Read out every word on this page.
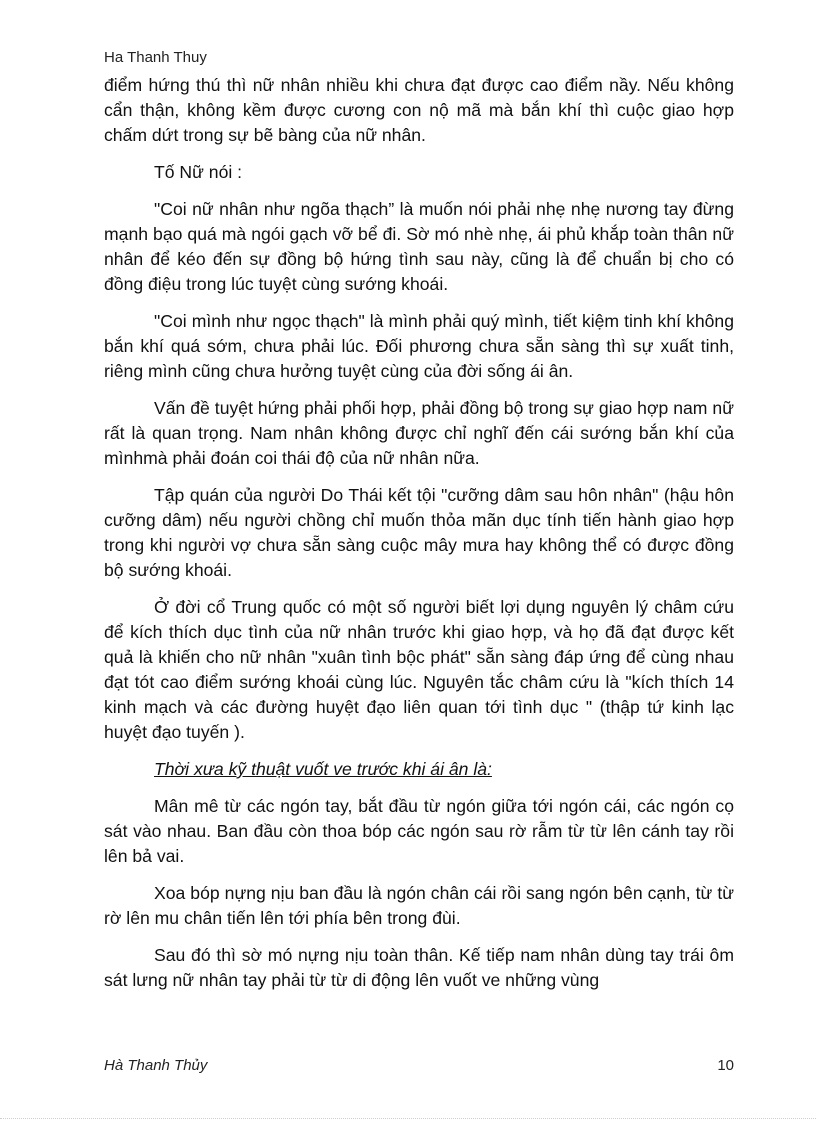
Ha Thanh Thuy

điểm hứng thú thì nữ nhân nhiều khi chưa đạt được cao điểm nầy. Nếu không cẩn thận, không kềm được cương con nộ mã mà bắn khí thì cuộc giao hợp chấm dứt trong sự bẽ bàng của nữ nhân.

Tố Nữ nói :

"Coi nữ nhân như ngõa thạch” là muốn nói phải nhẹ nhẹ nương tay đừng mạnh bạo quá mà ngói gạch vỡ bể đi. Sờ mó nhè nhẹ, ái phủ khắp toàn thân nữ nhân để kéo đến sự đồng bộ hứng tình sau này, cũng là để chuẩn bị cho có đồng điệu trong lúc tuyệt cùng sướng khoái.

"Coi mình như ngọc thạch" là mình phải quý mình, tiết kiệm tinh khí không bắn khí quá sớm, chưa phải lúc. Đối phương chưa sẵn sàng thì sự xuất tinh, riêng mình cũng chưa hưởng tuyệt cùng của đời sống ái ân.

Vấn đề tuyệt hứng phải phối hợp, phải đồng bộ trong sự giao hợp nam nữ rất là quan trọng. Nam nhân không được chỉ nghĩ đến cái sướng bắn khí của mìnhmà phải đoán coi thái độ của nữ nhân nữa.

Tập quán của người Do Thái kết tội "cưỡng dâm sau hôn nhân" (hậu hôn cưỡng dâm) nếu người chồng chỉ muốn thỏa mãn dục tính tiến hành giao hợp trong khi người vợ chưa sẵn sàng cuộc mây mưa hay không thể có được đồng bộ sướng khoái.

Ở đời cổ Trung quốc có một số người biết lợi dụng nguyên lý châm cứu để kích thích dục tình của nữ nhân trước khi giao hợp, và họ đã đạt được kết quả là khiến cho nữ nhân "xuân tình bộc phát" sẵn sàng đáp ứng để cùng nhau đạt tót cao điểm sướng khoái cùng lúc. Nguyên tắc châm cứu là "kích thích 14 kinh mạch và các đường huyệt đạo liên quan tới tình dục " (thập tứ kinh lạc huyệt đạo tuyến ).

Thời xưa kỹ thuật vuốt ve trước khi ái ân là:

Mân mê từ các ngón tay, bắt đầu từ ngón giữa tới ngón cái, các ngón cọ sát vào nhau. Ban đầu còn thoa bóp các ngón sau rờ rẫm từ từ lên cánh tay rồi lên bả vai.

Xoa bóp nựng nịu ban đầu là ngón chân cái rồi sang ngón bên cạnh, từ từ rờ lên mu chân tiến lên tới phía bên trong đùi.

Sau đó thì sờ mó nựng nịu toàn thân. Kế tiếp nam nhân dùng tay trái ôm sát lưng nữ nhân tay phải từ từ di động lên vuốt ve những vùng

Hà Thanh Thủy	10
